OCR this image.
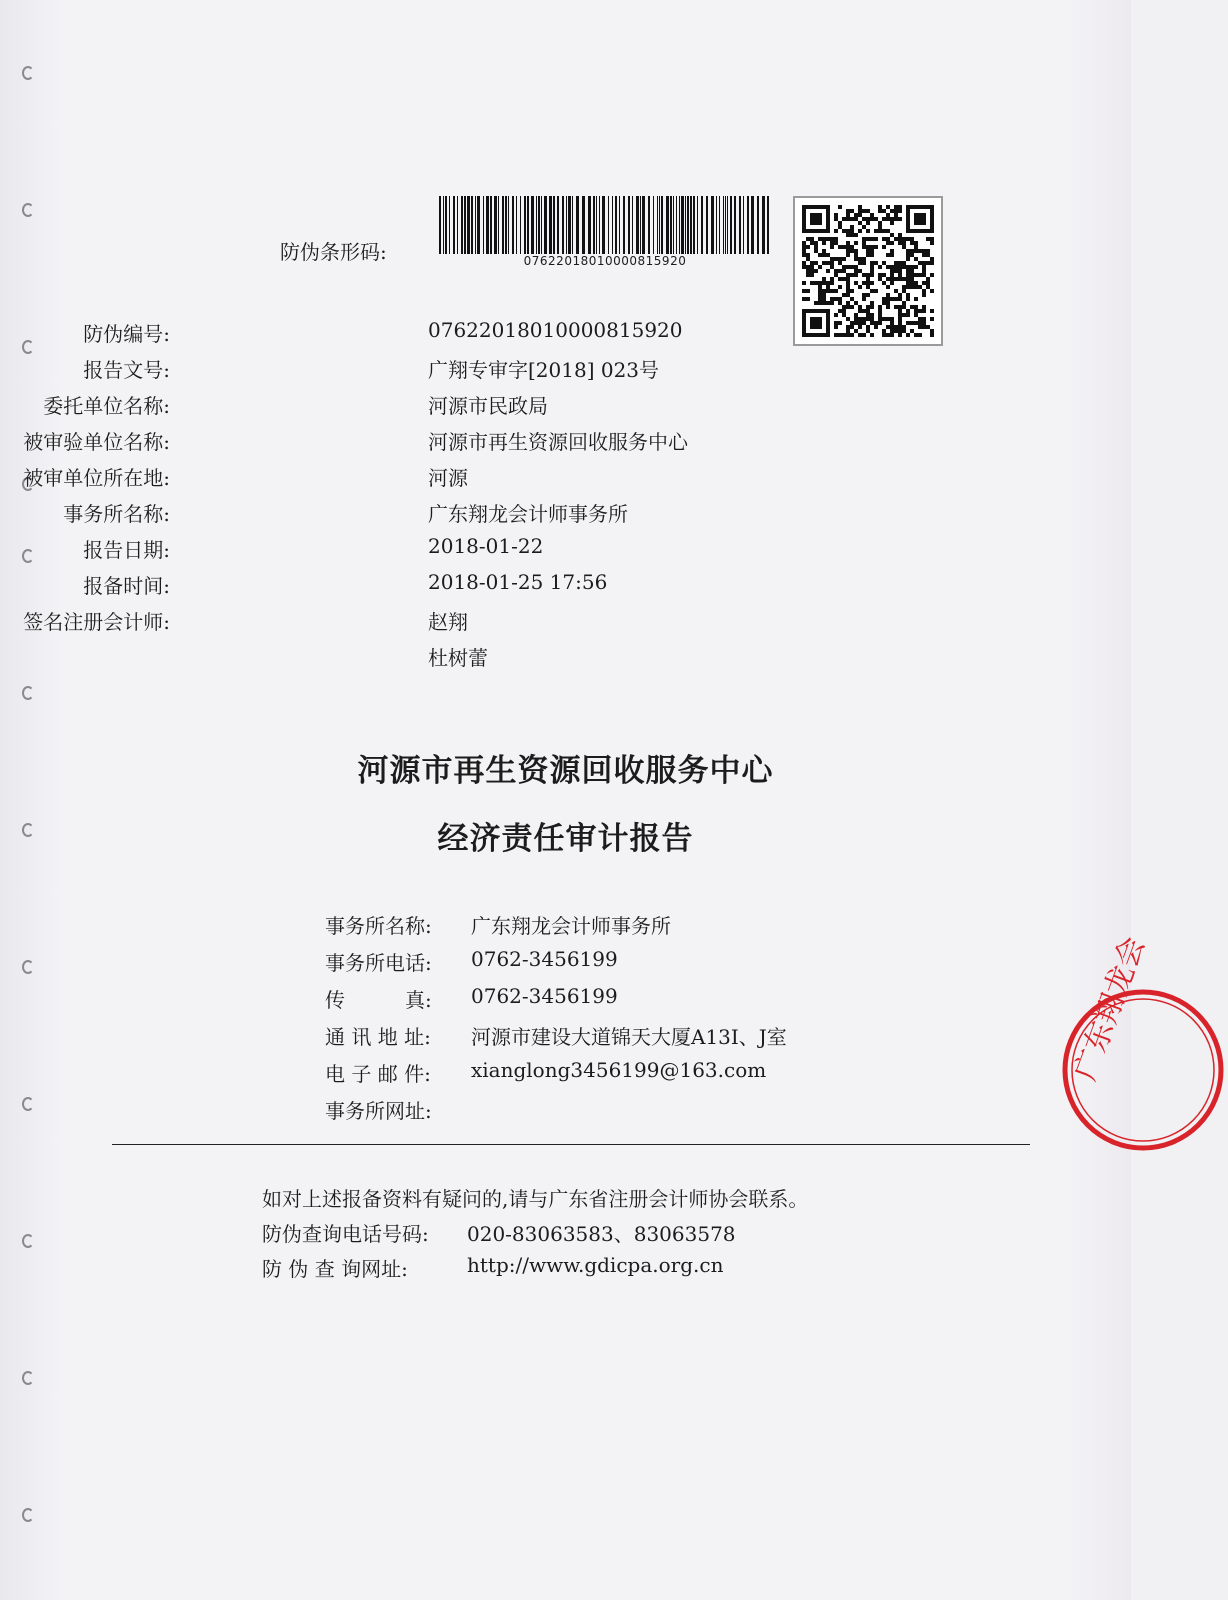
防伪条形码:	07622018010000815920
防伪编号:	07622018010000815920
报告文号:	广翔专审字[2018] 023号
委托单位名称:	河源市民政局
被审验单位名称:	河源市再生资源回收服务中心
被审单位所在地:	河源
事务所名称:	广东翔龙会计师事务所
报告日期:	2018-01-22
报备时间:	2018-01-25 17:56
签名注册会计师:	赵翔
杜树蕾
河源市再生资源回收服务中心
经济责任审计报告
事务所名称: 广东翔龙会计师事务所
事务所电话: 0762-3456199
传　　　真: 0762-3456199
通 讯 地 址: 河源市建设大道锦天大厦A13I、J室
电 子 邮 件: xianglong3456199@163.com
事务所网址:
如对上述报备资料有疑问的,请与广东省注册会计师协会联系。
防伪查询电话号码: 020-83063583、83063578
防 伪 查 询网址:	http://www.gdicpa.org.cn
广东翔龙会
